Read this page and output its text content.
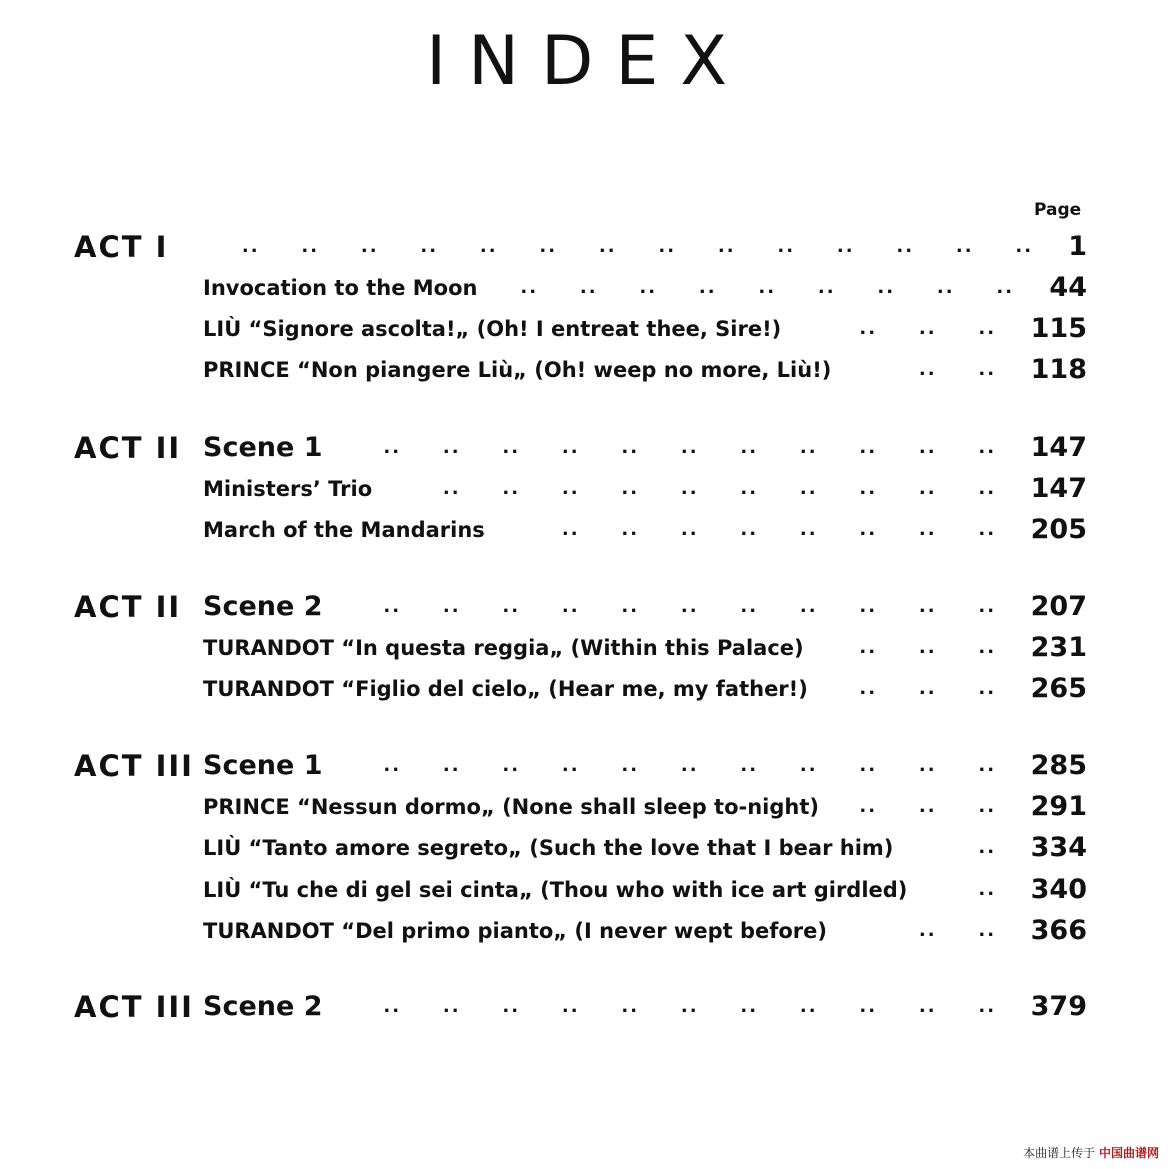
INDEX
Page
ACT I	1
.. .. .. .. .. .. .. .. .. .. .. .. .. ..
Invocation to the Moon	44
.. .. .. .. .. .. .. .. ..
LIÙ “Signore ascolta!„ (Oh! I entreat thee, Sire!)	115
.. .. ..
PRINCE “Non piangere Liù„ (Oh! weep no more, Liù!)	118
.. ..
ACT II Scene 1	147
.. .. .. .. .. .. .. .. .. .. ..
Ministers’ Trio	147
.. .. .. .. .. .. .. .. .. ..
March of the Mandarins	205
.. .. .. .. .. .. .. ..
ACT II Scene 2	207
.. .. .. .. .. .. .. .. .. .. ..
TURANDOT “In questa reggia„ (Within this Palace)	231
.. .. ..
TURANDOT “Figlio del cielo„ (Hear me, my father!)	265
.. .. ..
ACT III Scene 1	285
.. .. .. .. .. .. .. .. .. .. ..
PRINCE “Nessun dormo„ (None shall sleep to-night)	291
.. .. ..
LIÙ “Tanto amore segreto„ (Such the love that I bear him)	334
..
LIÙ “Tu che di gel sei cinta„ (Thou who with ice art girdled)	340
..
TURANDOT “Del primo pianto„ (I never wept before)	366
.. ..
ACT III Scene 2	379
.. .. .. .. .. .. .. .. .. .. ..
本曲谱上传于 中国曲谱网
